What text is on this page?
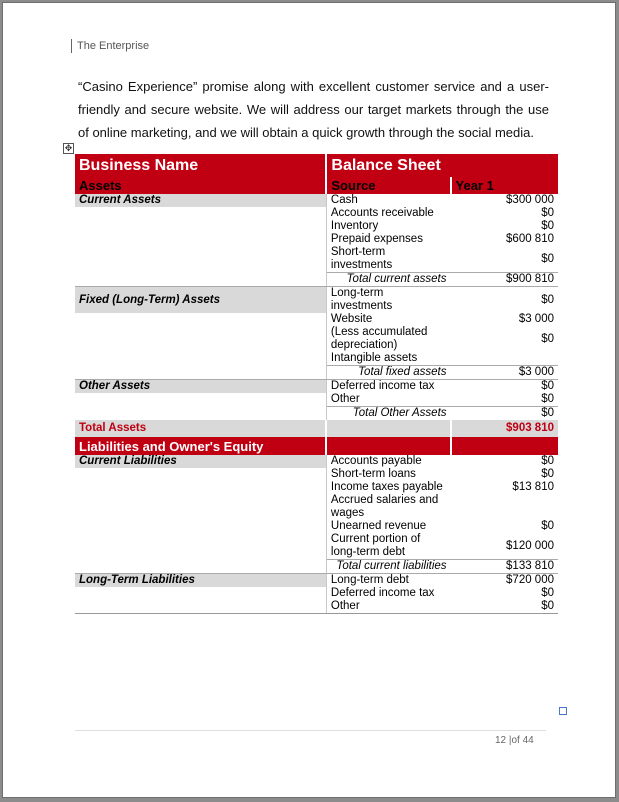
The Enterprise
“Casino Experience” promise along with excellent customer service and a user-friendly and secure website. We will address our target markets through the use of online marketing, and we will obtain a quick growth through the social media.
✥
Business Name	Balance Sheet	
Assets	Source	Year 1
Current Assets	Cash	$300 000
	Accounts receivable	$0
	Inventory	$0
	Prepaid expenses	$600 810
	Short-term investments	$0
	Total current assets	$900 810
Fixed (Long-Term) Assets	Long-term investments	$0
	Website	$3 000
	(Less accumulated depreciation)	$0
	Intangible assets	
	Total fixed assets	$3 000
Other Assets	Deferred income tax	$0
	Other	$0
	Total Other Assets	$0
Total Assets		$903 810
Liabilities and Owner's Equity		
Current Liabilities	Accounts payable	$0
	Short-term loans	$0
	Income taxes payable	$13 810
	Accrued salaries and wages	
	Unearned revenue	$0
	Current portion of long-term debt	$120 000
	Total current liabilities	$133 810
Long-Term Liabilities	Long-term debt	$720 000
	Deferred income tax	$0
	Other	$0
12 |of 44
